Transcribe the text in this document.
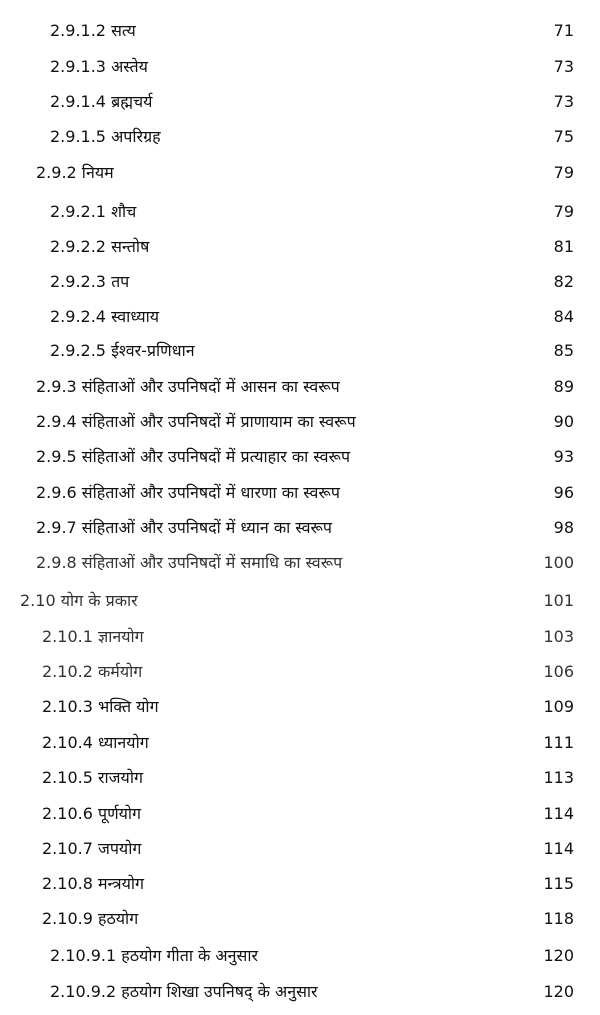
2.9.1.2 सत्य	71
2.9.1.3 अस्तेय	73
2.9.1.4 ब्रह्मचर्य	73
2.9.1.5 अपरिग्रह	75
2.9.2 नियम	79
2.9.2.1 शौच	79
2.9.2.2 सन्तोष	81
2.9.2.3 तप	82
2.9.2.4 स्वाध्याय	84
2.9.2.5 ईश्वर-प्रणिधान	85
2.9.3 संहिताओं और उपनिषदों में आसन का स्वरूप	89
2.9.4 संहिताओं और उपनिषदों में प्राणायाम का स्वरूप	90
2.9.5 संहिताओं और उपनिषदों में प्रत्याहार का स्वरूप	93
2.9.6 संहिताओं और उपनिषदों में धारणा का स्वरूप	96
2.9.7 संहिताओं और उपनिषदों में ध्यान का स्वरूप	98
2.9.8 संहिताओं और उपनिषदों में समाधि का स्वरूप	100
2.10 योग के प्रकार	101
2.10.1 ज्ञानयोग	103
2.10.2 कर्मयोग	106
2.10.3 भक्ति योग	109
2.10.4 ध्यानयोग	111
2.10.5 राजयोग	113
2.10.6 पूर्णयोग	114
2.10.7 जपयोग	114
2.10.8 मन्त्रयोग	115
2.10.9 हठयोग	118
2.10.9.1 हठयोग गीता के अनुसार	120
2.10.9.2 हठयोग शिखा उपनिषद् के अनुसार	120
